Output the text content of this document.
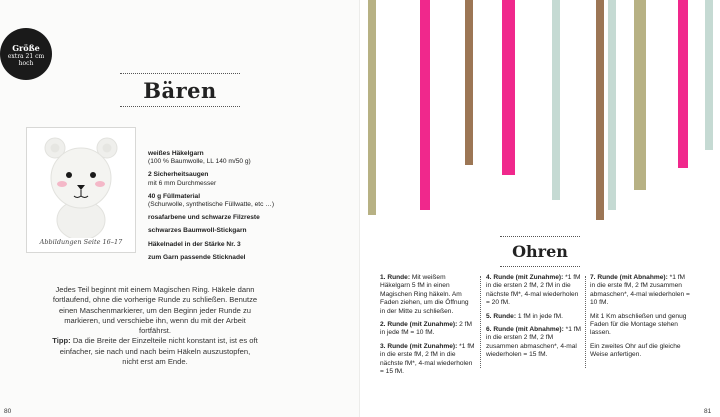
Größe
extra 21 cm
hoch
Bären
Abbildungen Seite 16–17
weißes Häkelgarn
(100 % Baumwolle, LL 140 m/50 g)
2 Sicherheitsaugen
mit 6 mm Durchmesser
40 g Füllmaterial
(Schurwolle, synthetische Füllwatte, etc …)
rosafarbene und schwarze Filzreste
schwarzes Baumwoll-Stickgarn
Häkelnadel in der Stärke Nr. 3
zum Garn passende Sticknadel
Jedes Teil beginnt mit einem Magischen Ring. Häkele dann fortlaufend, ohne die vorherige Runde zu schließen. Benutze einen Maschenmarkierer, um den Beginn jeder Runde zu markieren, und verschiebe ihn, wenn du mit der Arbeit fortfährst.
Tipp: Da die Breite der Einzelteile nicht konstant ist, ist es oft einfacher, sie nach und nach beim Häkeln auszustopfen, nicht erst am Ende.
80
Ohren
1. Runde: Mit weißem Häkelgarn 5 fM in einen Magischen Ring häkeln. Am Faden ziehen, um die Öffnung in der Mitte zu schließen.
2. Runde (mit Zunahme): 2 fM in jede fM = 10 fM.
3. Runde (mit Zunahme): *1 fM in die erste fM, 2 fM in die nächste fM*, 4-mal wiederholen = 15 fM.
4. Runde (mit Zunahme): *1 fM in die ersten 2 fM, 2 fM in die nächste fM*, 4-mal wiederholen = 20 fM.
5. Runde: 1 fM in jede fM.
6. Runde (mit Abnahme): *1 fM in die ersten 2 fM, 2 fM zusammen abmaschen*, 4-mal wiederholen = 15 fM.
7. Runde (mit Abnahme): *1 fM in die erste fM, 2 fM zusammen abmaschen*, 4-mal wiederholen = 10 fM.
Mit 1 Km abschließen und genug Faden für die Montage stehen lassen.
Ein zweites Ohr auf die gleiche Weise anfertigen.
81
